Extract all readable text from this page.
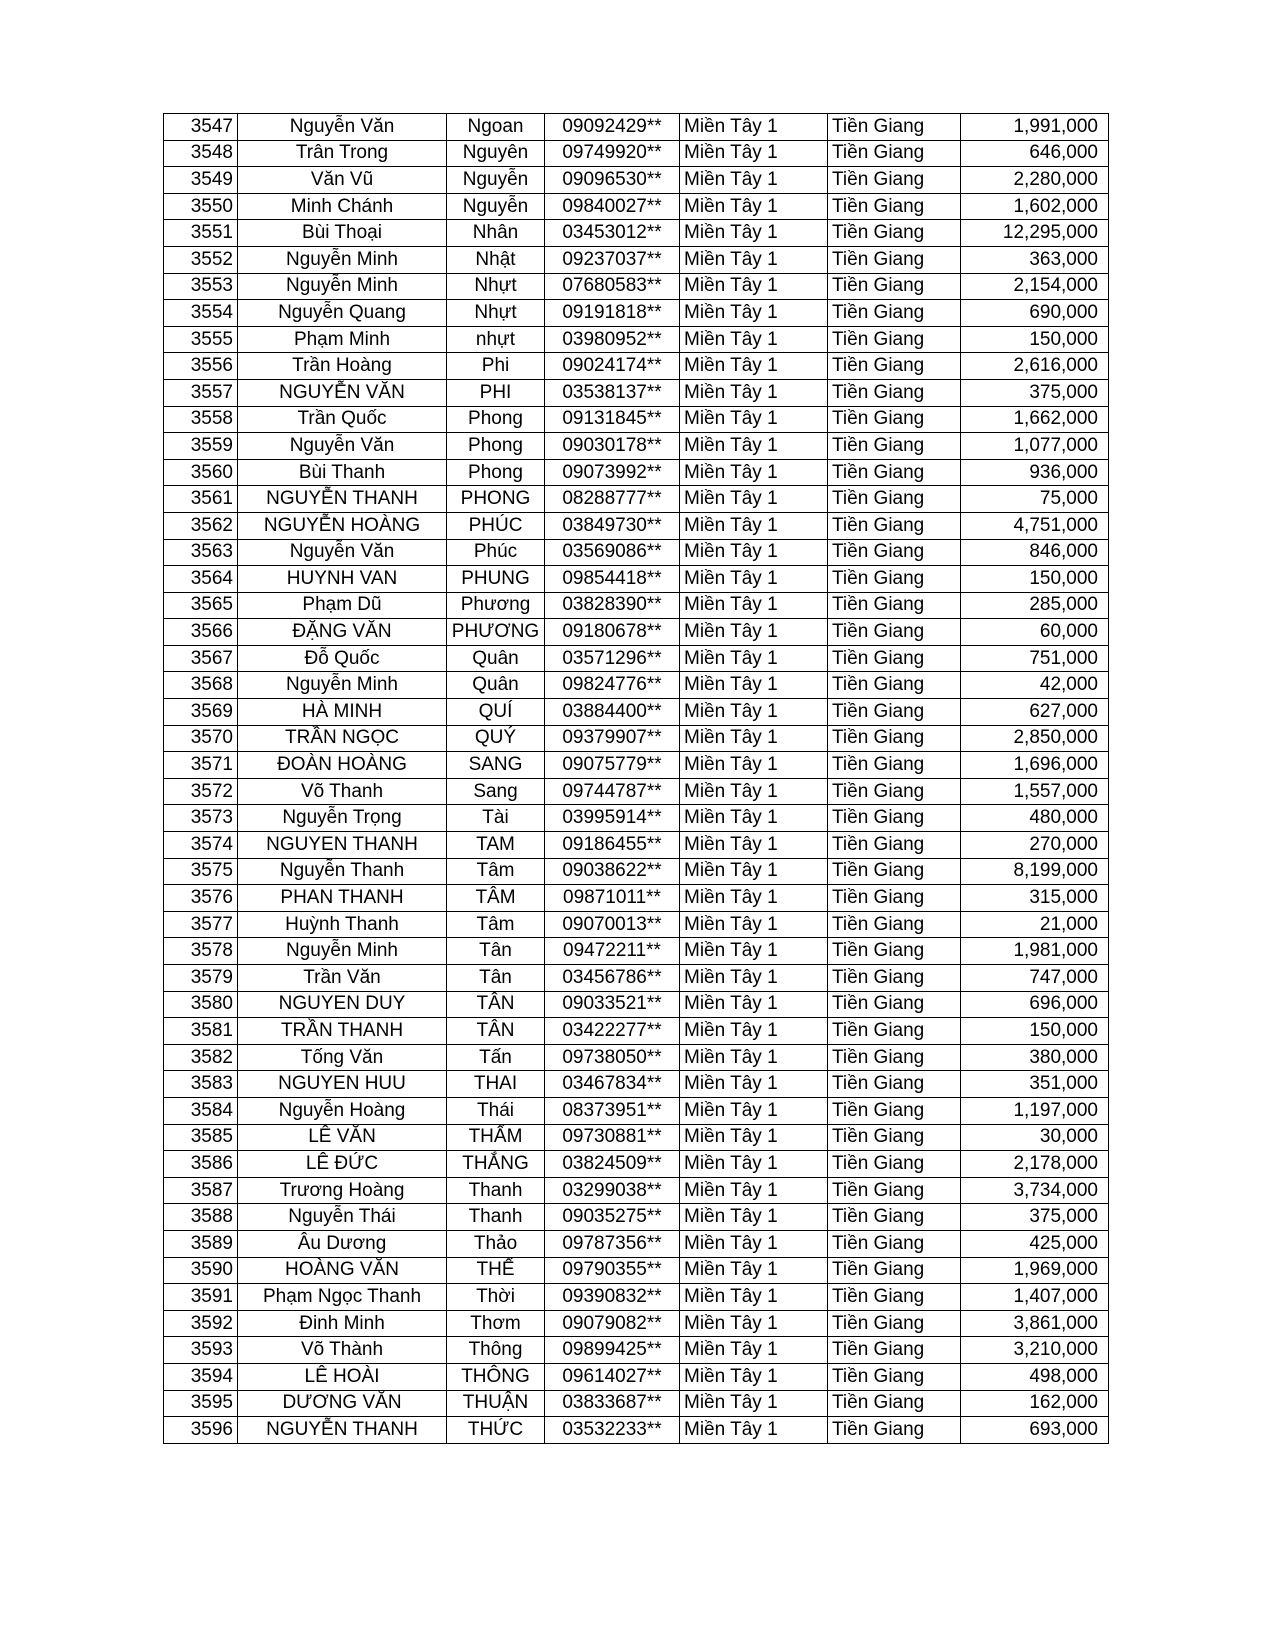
3547	Nguyễn Văn	Ngoan	09092429**	Miền Tây 1	Tiền Giang	1,991,000
3548	Trân Trong	Nguyên	09749920**	Miền Tây 1	Tiền Giang	646,000
3549	Văn Vũ	Nguyễn	09096530**	Miền Tây 1	Tiền Giang	2,280,000
3550	Minh Chánh	Nguyễn	09840027**	Miền Tây 1	Tiền Giang	1,602,000
3551	Bùi Thoại	Nhân	03453012**	Miền Tây 1	Tiền Giang	12,295,000
3552	Nguyễn Minh	Nhật	09237037**	Miền Tây 1	Tiền Giang	363,000
3553	Nguyễn Minh	Nhựt	07680583**	Miền Tây 1	Tiền Giang	2,154,000
3554	Nguyễn Quang	Nhựt	09191818**	Miền Tây 1	Tiền Giang	690,000
3555	Phạm Minh	nhựt	03980952**	Miền Tây 1	Tiền Giang	150,000
3556	Trần Hoàng	Phi	09024174**	Miền Tây 1	Tiền Giang	2,616,000
3557	NGUYỄN VĂN	PHI	03538137**	Miền Tây 1	Tiền Giang	375,000
3558	Trần Quốc	Phong	09131845**	Miền Tây 1	Tiền Giang	1,662,000
3559	Nguyễn Văn	Phong	09030178**	Miền Tây 1	Tiền Giang	1,077,000
3560	Bùi Thanh	Phong	09073992**	Miền Tây 1	Tiền Giang	936,000
3561	NGUYỄN THANH	PHONG	08288777**	Miền Tây 1	Tiền Giang	75,000
3562	NGUYỄN HOÀNG	PHÚC	03849730**	Miền Tây 1	Tiền Giang	4,751,000
3563	Nguyễn Văn	Phúc	03569086**	Miền Tây 1	Tiền Giang	846,000
3564	HUYNH VAN	PHUNG	09854418**	Miền Tây 1	Tiền Giang	150,000
3565	Phạm Dũ	Phương	03828390**	Miền Tây 1	Tiền Giang	285,000
3566	ĐẶNG VĂN	PHƯƠNG	09180678**	Miền Tây 1	Tiền Giang	60,000
3567	Đỗ Quốc	Quân	03571296**	Miền Tây 1	Tiền Giang	751,000
3568	Nguyễn Minh	Quân	09824776**	Miền Tây 1	Tiền Giang	42,000
3569	HÀ MINH	QUÍ	03884400**	Miền Tây 1	Tiền Giang	627,000
3570	TRẦN NGỌC	QUÝ	09379907**	Miền Tây 1	Tiền Giang	2,850,000
3571	ĐOÀN HOÀNG	SANG	09075779**	Miền Tây 1	Tiền Giang	1,696,000
3572	Võ Thanh	Sang	09744787**	Miền Tây 1	Tiền Giang	1,557,000
3573	Nguyễn Trọng	Tài	03995914**	Miền Tây 1	Tiền Giang	480,000
3574	NGUYEN THANH	TAM	09186455**	Miền Tây 1	Tiền Giang	270,000
3575	Nguyễn Thanh	Tâm	09038622**	Miền Tây 1	Tiền Giang	8,199,000
3576	PHAN THANH	TÂM	09871011**	Miền Tây 1	Tiền Giang	315,000
3577	Huỳnh Thanh	Tâm	09070013**	Miền Tây 1	Tiền Giang	21,000
3578	Nguyễn Minh	Tân	09472211**	Miền Tây 1	Tiền Giang	1,981,000
3579	Trần Văn	Tân	03456786**	Miền Tây 1	Tiền Giang	747,000
3580	NGUYEN DUY	TÂN	09033521**	Miền Tây 1	Tiền Giang	696,000
3581	TRẦN THANH	TÂN	03422277**	Miền Tây 1	Tiền Giang	150,000
3582	Tống Văn	Tấn	09738050**	Miền Tây 1	Tiền Giang	380,000
3583	NGUYEN HUU	THAI	03467834**	Miền Tây 1	Tiền Giang	351,000
3584	Nguyễn Hoàng	Thái	08373951**	Miền Tây 1	Tiền Giang	1,197,000
3585	LÊ VĂN	THẤM	09730881**	Miền Tây 1	Tiền Giang	30,000
3586	LÊ ĐỨC	THẮNG	03824509**	Miền Tây 1	Tiền Giang	2,178,000
3587	Trương Hoàng	Thanh	03299038**	Miền Tây 1	Tiền Giang	3,734,000
3588	Nguyễn Thái	Thanh	09035275**	Miền Tây 1	Tiền Giang	375,000
3589	Âu Dương	Thảo	09787356**	Miền Tây 1	Tiền Giang	425,000
3590	HOÀNG VĂN	THẾ	09790355**	Miền Tây 1	Tiền Giang	1,969,000
3591	Phạm Ngọc Thanh	Thời	09390832**	Miền Tây 1	Tiền Giang	1,407,000
3592	Đinh Minh	Thơm	09079082**	Miền Tây 1	Tiền Giang	3,861,000
3593	Võ Thành	Thông	09899425**	Miền Tây 1	Tiền Giang	3,210,000
3594	LÊ HOÀI	THÔNG	09614027**	Miền Tây 1	Tiền Giang	498,000
3595	DƯƠNG VĂN	THUẬN	03833687**	Miền Tây 1	Tiền Giang	162,000
3596	NGUYỄN THANH	THỨC	03532233**	Miền Tây 1	Tiền Giang	693,000
